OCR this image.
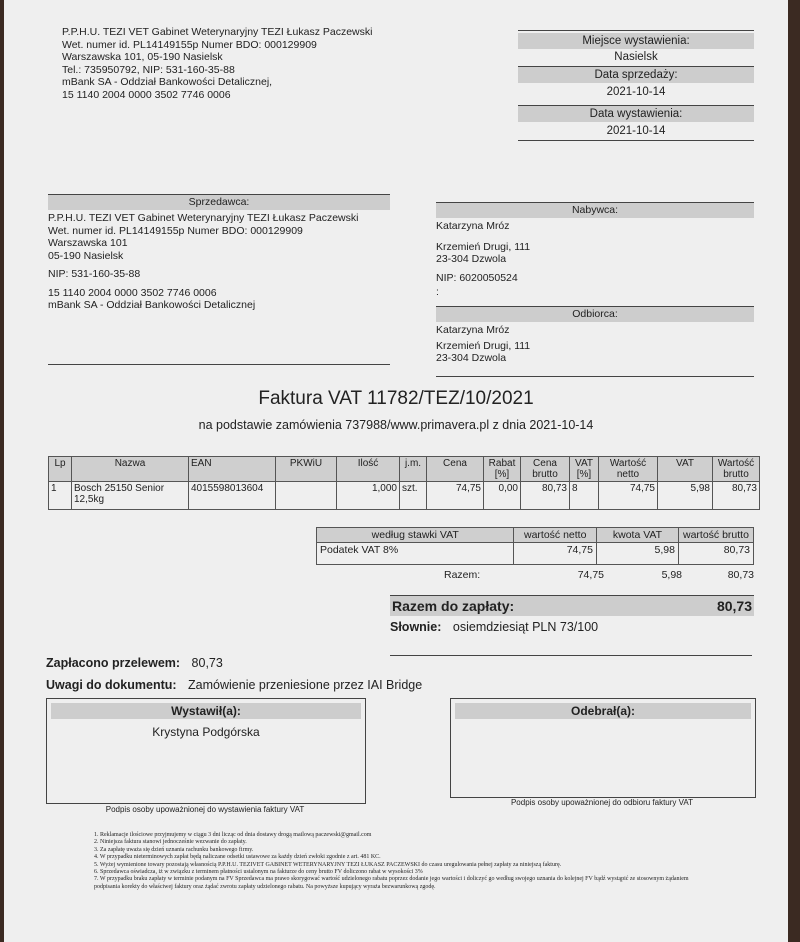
P.P.H.U. TEZI VET Gabinet Weterynaryjny TEZI Łukasz Paczewski
Wet. numer id. PL14149155p Numer BDO: 000129909
Warszawska 101, 05-190 Nasielsk
Tel.: 735950792, NIP: 531-160-35-88
mBank SA - Oddział Bankowości Detalicznej,
15 1140 2004 0000 3502 7746 0006
Miejsce wystawienia:
Nasielsk
Data sprzedaży:
2021-10-14
Data wystawienia:
2021-10-14
Sprzedawca:
P.P.H.U. TEZI VET Gabinet Weterynaryjny TEZI Łukasz Paczewski
Wet. numer id. PL14149155p Numer BDO: 000129909
Warszawska 101
05-190 Nasielsk
NIP: 531-160-35-88
15 1140 2004 0000 3502 7746 0006
mBank SA - Oddział Bankowości Detalicznej
Nabywca:
Katarzyna Mróz
Krzemień Drugi, 111
23-304 Dzwola
NIP: 6020050524
:
Odbiorca:
Katarzyna Mróz
Krzemień Drugi, 111
23-304 Dzwola
Faktura VAT 11782/TEZ/10/2021
na podstawie zamówienia 737988/www.primavera.pl z dnia 2021-10-14
Lp	Nazwa	EAN	PKWiU	Ilość	j.m.	Cena	Rabat [%]	Cena brutto	VAT [%]	Wartość netto	VAT	Wartość brutto
1	Bosch 25150 Senior 12,5kg	4015598013604		1,000	szt.	74,75	0,00	80,73	8	74,75	5,98	80,73
według stawki VAT	wartość netto	kwota VAT	wartość brutto
Podatek VAT 8%	74,75	5,98	80,73
Razem:	74,75	5,98	80,73
Razem do zapłaty:	80,73
Słownie: osiemdziesiąt PLN 73/100
Zapłacono przelewem: 80,73
Uwagi do dokumentu: Zamówienie przeniesione przez IAI Bridge
Wystawił(a):
Krystyna Podgórska
Podpis osoby upoważnionej do wystawienia faktury VAT
Odebrał(a):
Podpis osoby upoważnionej do odbioru faktury VAT
1. Reklamacje ilościowe przyjmujemy w ciągu 3 dni licząc od dnia dostawy drogą mailową paczewski@gmail.com
2. Niniejsza faktura stanowi jednocześnie wezwanie do zapłaty.
3. Za zapłatę uważa się dzień uznania rachunku bankowego firmy.
4. W przypadku nieterminowych zapłat będą naliczane odsetki ustawowe za każdy dzień zwłoki zgodnie z art. 481 KC.
5. Wyżej wymienione towary pozostają własnością P.P.H.U. TEZIVET GABINET WETERYNARYJNY TEZI ŁUKASZ PACZEWSKI do czasu uregulowania pełnej zapłaty za niniejszą fakturę.
6. Sprzedawca oświadcza, iż w związku z terminem płatności ustalonym na fakturze do ceny brutto FV doliczono rabat w wysokości 3%
7. W przypadku braku zapłaty w terminie podanym na FV Sprzedawca ma prawo skorygować wartość udzielonego rabatu poprzez dodanie jego wartości i doliczyć go według swojego uznania do kolejnej FV bądź wystąpić ze stosownym żądaniem podpisania korekty do właściwej faktury oraz żądać zwrotu zapłaty udzielonego rabatu. Na powyższe kupujący wyraża bezwarunkową zgodę.
